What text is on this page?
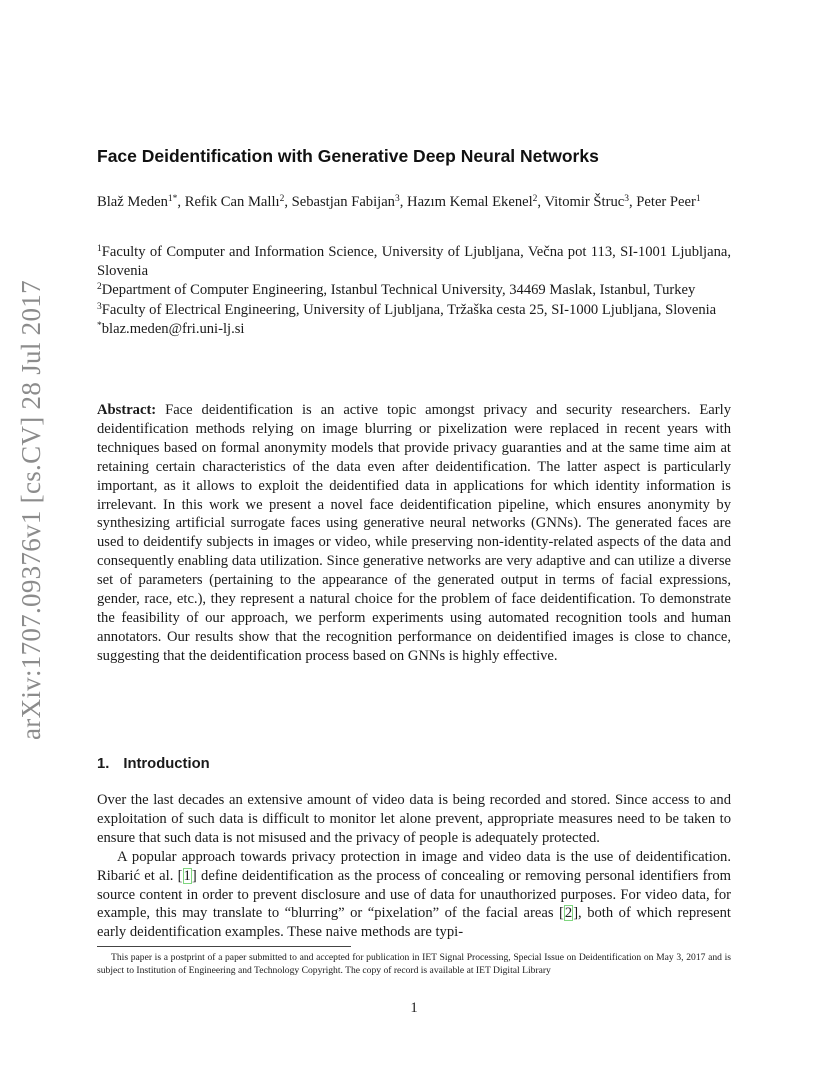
arXiv:1707.09376v1 [cs.CV] 28 Jul 2017
Face Deidentification with Generative Deep Neural Networks
Blaž Meden$^{1*}$, Refik Can Mallı$^2$, Sebastjan Fabijan$^3$, Hazım Kemal Ekenel$^2$, Vitomir Štruc$^3$, Peter Peer$^1$
$^1$Faculty of Computer and Information Science, University of Ljubljana, Večna pot 113, SI-1001 Ljubljana, Slovenia
$^2$Department of Computer Engineering, Istanbul Technical University, 34469 Maslak, Istanbul, Turkey
$^3$Faculty of Electrical Engineering, University of Ljubljana, Tržaška cesta 25, SI-1000 Ljubljana, Slovenia
*blaz.meden@fri.uni-lj.si

Abstract: Face deidentification is an active topic amongst privacy and security researchers. Early deidentification methods relying on image blurring or pixelization were replaced in recent years with techniques based on formal anonymity models that provide privacy guaranties and at the same time aim at retaining certain characteristics of the data even after deidentification. The latter aspect is particularly important, as it allows to exploit the deidentified data in applications for which identity information is irrelevant. In this work we present a novel face deidentification pipeline, which ensures anonymity by synthesizing artificial surrogate faces using generative neural networks (GNNs). The generated faces are used to deidentify subjects in images or video, while preserving non-identity-related aspects of the data and consequently enabling data utilization. Since generative networks are very adaptive and can utilize a diverse set of parameters (pertaining to the appearance of the generated output in terms of facial expressions, gender, race, etc.), they represent a natural choice for the problem of face deidentification. To demonstrate the feasibility of our approach, we perform experiments using automated recognition tools and human annotators. Our results show that the recognition performance on deidentified images is close to chance, suggesting that the deidentification process based on GNNs is highly effective.

1. Introduction

Over the last decades an extensive amount of video data is being recorded and stored. Since access to and exploitation of such data is difficult to monitor let alone prevent, appropriate measures need to be taken to ensure that such data is not misused and the privacy of people is adequately protected.

A popular approach towards privacy protection in image and video data is the use of deidentification. Ribarić et al. [1] define deidentification as the process of concealing or removing personal identifiers from source content in order to prevent disclosure and use of data for unauthorized purposes. For video data, for example, this may translate to “blurring” or “pixelation” of the facial areas [2], both of which represent early deidentification examples. These naive methods are typi-

This paper is a postprint of a paper submitted to and accepted for publication in IET Signal Processing, Special Issue on Deidentification on May 3, 2017 and is subject to Institution of Engineering and Technology Copyright. The copy of record is available at IET Digital Library
1
